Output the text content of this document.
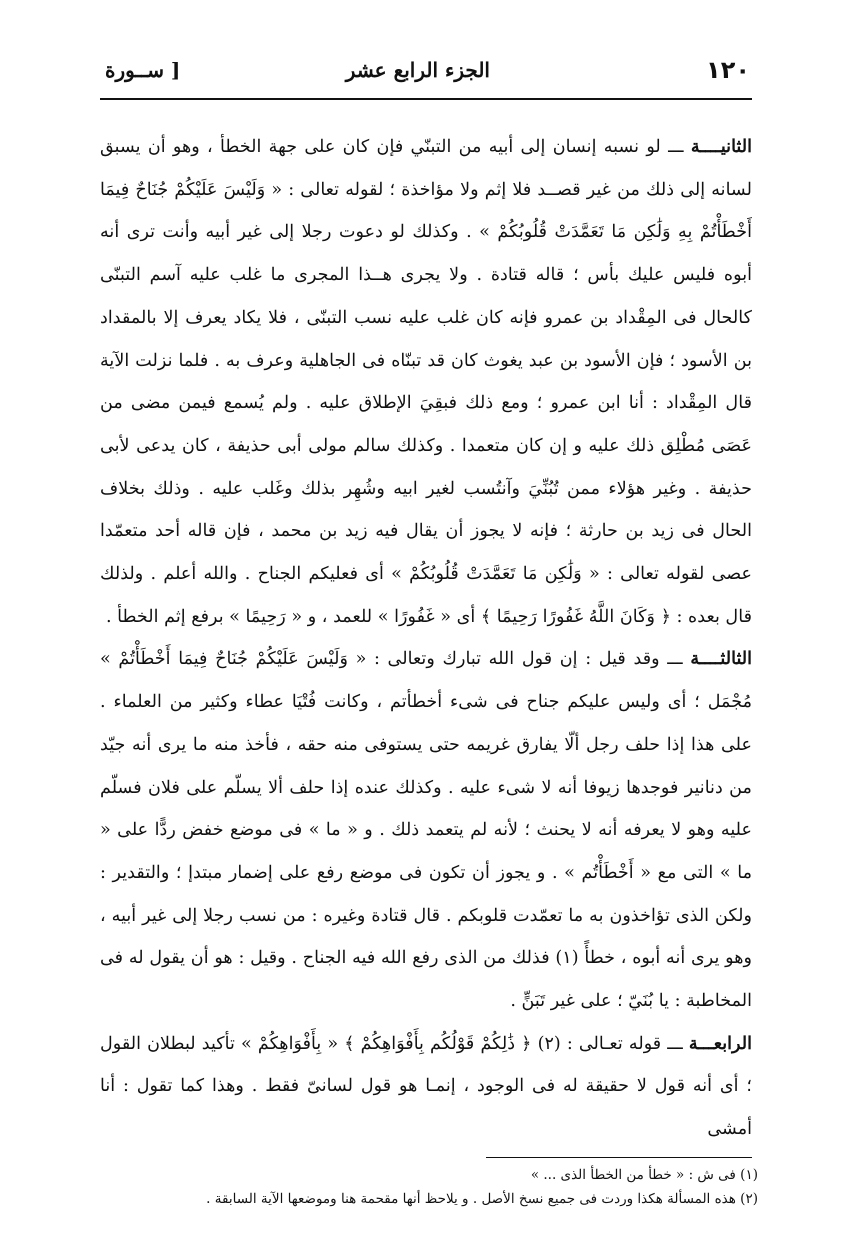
١٢٠
الجزء الرابع عشر
[ ســورة

الثانيــــة ـــ لو نسبه إنسان إلى أبيه من التبنّي فإن كان على جهة الخطأ ، وهو أن يسبق لسانه إلى ذلك من غير قصــد فلا إثم ولا مؤاخذة ؛ لقوله تعالى : « وَلَيْسَ عَلَيْكُمْ جُنَاحٌ فِيمَا أَخْطَأْتُمْ بِهِ وَلَٰكِن مَا تَعَمَّدَتْ قُلُوبُكُمْ » . وكذلك لو دعوت رجلا إلى غير أبيه وأنت ترى أنه أبوه فليس عليك بأس ؛ قاله قتادة . ولا يجرى هــذا المجرى ما غلب عليه آسم التبنّى كالحال فى المِقْداد بن عمرو فإنه كان غلب عليه نسب التبنّى ، فلا يكاد يعرف إلا بالمقداد بن الأسود ؛ فإن الأسود بن عبد يغوث كان قد تبنّاه فى الجاهلية وعرف به . فلما نزلت الآية قال المِقْداد : أنا ابن عمرو ؛ ومع ذلك فبقِيَ الإطلاق عليه . ولم يُسمع فيمن مضى من عَصَى مُطْلِق ذلك عليه و إن كان متعمدا . وكذلك سالم مولى أبى حذيفة ، كان يدعى لأبى حذيفة . وغير هؤلاء ممن تُبُنِّيَ وآنتُسب لغير ابيه وشُهِر بذلك وغَلب عليه . وذلك بخلاف الحال فى زيد بن حارثة ؛ فإنه لا يجوز أن يقال فيه زيد بن محمد ، فإن قاله أحد متعمّدا عصى لقوله تعالى : « وَلَٰكِن مَا تَعَمَّدَتْ قُلُوبُكُمْ » أى فعليكم الجناح . والله أعلم . ولذلك قال بعده : ﴿ وَكَانَ اللَّهُ غَفُورًا رَحِيمًا ﴾ أى « غَفُورًا » للعمد ، و « رَحِيمًا » برفع إثم الخطأ .

الثالثــــة ـــ وقد قيل : إن قول الله تبارك وتعالى : « وَلَيْسَ عَلَيْكُمْ جُنَاحٌ فِيمَا أَخْطَأْتُمْ » مُجْمَل ؛ أى وليس عليكم جناح فى شىء أخطأتم ، وكانت فُتْيَا عطاء وكثير من العلماء . على هذا إذا حلف رجل ألّا يفارق غريمه حتى يستوفى منه حقه ، فأخذ منه ما يرى أنه جيّد من دنانير فوجدها زيوفا أنه لا شىء عليه . وكذلك عنده إذا حلف ألا يسلّم على فلان فسلّم عليه وهو لا يعرفه أنه لا يحنث ؛ لأنه لم يتعمد ذلك . و « ما » فى موضع خفض ردًّا على « ما » التى مع « أَخْطَأْتُم » . و يجوز أن تكون فى موضع رفع على إضمار مبتدإ ؛ والتقدير : ولكن الذى تؤاخذون به ما تعمّدت قلوبكم . قال قتادة وغيره : من نسب رجلا إلى غير أبيه ، وهو يرى أنه أبوه ، خطأً (١) فذلك من الذى رفع الله فيه الجناح . وقيل : هو أن يقول له فى المخاطبة : يا بُنَيّ ؛ على غير تَبَنٍّ .

الرابعـــة ـــ قوله تعـالى : (٢) ﴿ ذَٰلِكُمْ قَوْلُكُم بِأَفْوَاهِكُمْ ﴾ « بِأَفْوَاهِكُمْ » تأكيد لبطلان القول ؛ أى أنه قول لا حقيقة له فى الوجود ، إنمـا هو قول لسانىّ فقط . وهذا كما تقول : أنا أمشى

(١) فى ش : « خطأ من الخطأ الذى ... »
(٢) هذه المسألة هكذا وردت فى جميع نسخ الأصل . و يلاحظ أنها مقحمة هنا وموضعها الآية السابقة .
